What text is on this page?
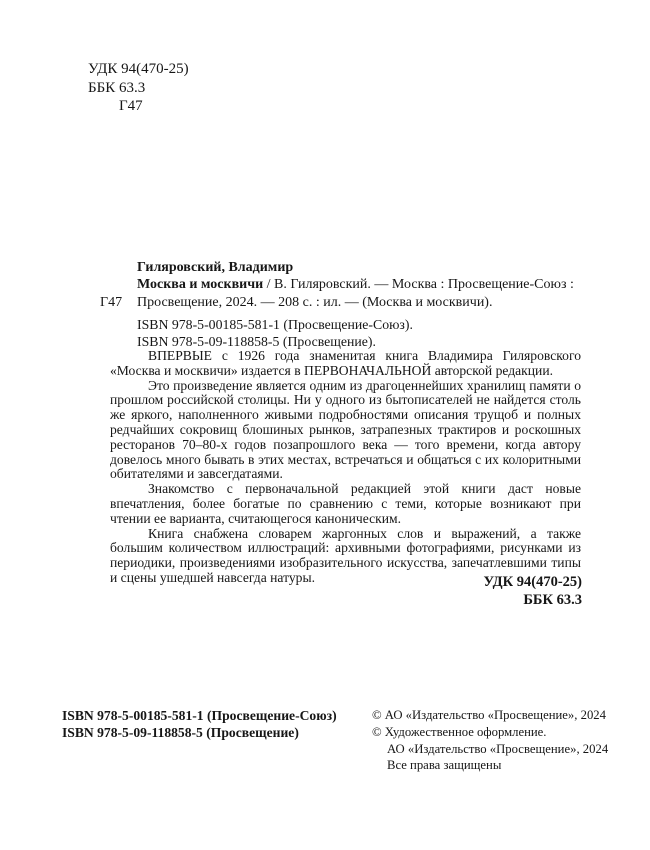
УДК 94(470-25)
ББК 63.3
Г47
Гиляровский, Владимир
Москва и москвичи / В. Гиляровский. — Москва : Просвещение-Союз :
Г47 Просвещение, 2024. — 208 с. : ил. — (Москва и москвичи).
ISBN 978-5-00185-581-1 (Просвещение-Союз).
ISBN 978-5-09-118858-5 (Просвещение).

ВПЕРВЫЕ с 1926 года знаменитая книга Владимира Гиляровского «Москва и москвичи» издается в ПЕРВОНАЧАЛЬНОЙ авторской редакции.

Это произведение является одним из драгоценнейших хранилищ памяти о прошлом российской столицы. Ни у одного из бытописателей не найдется столь же яркого, наполненного живыми подробностями описания трущоб и полных редчайших сокровищ блошиных рынков, затрапезных трактиров и роскошных ресторанов 70–80-х годов позапрошлого века — того времени, когда автору довелось много бывать в этих местах, встречаться и общаться с их колоритными обитателями и завсегдатаями.

Знакомство с первоначальной редакцией этой книги даст новые впечатления, более богатые по сравнению с теми, которые возникают при чтении ее варианта, считающегося каноническим.

Книга снабжена словарем жаргонных слов и выражений, а также большим количеством иллюстраций: архивными фотографиями, рисунками из периодики, произведениями изобразительного искусства, запечатлевшими типы и сцены ушедшей навсегда натуры.	УДК 94(470-25)
ББК 63.3
ISBN 978-5-00185-581-1 (Просвещение-Союз)
ISBN 978-5-09-118858-5 (Просвещение)
© АО «Издательство «Просвещение», 2024
© Художественное оформление.
АО «Издательство «Просвещение», 2024
Все права защищены
